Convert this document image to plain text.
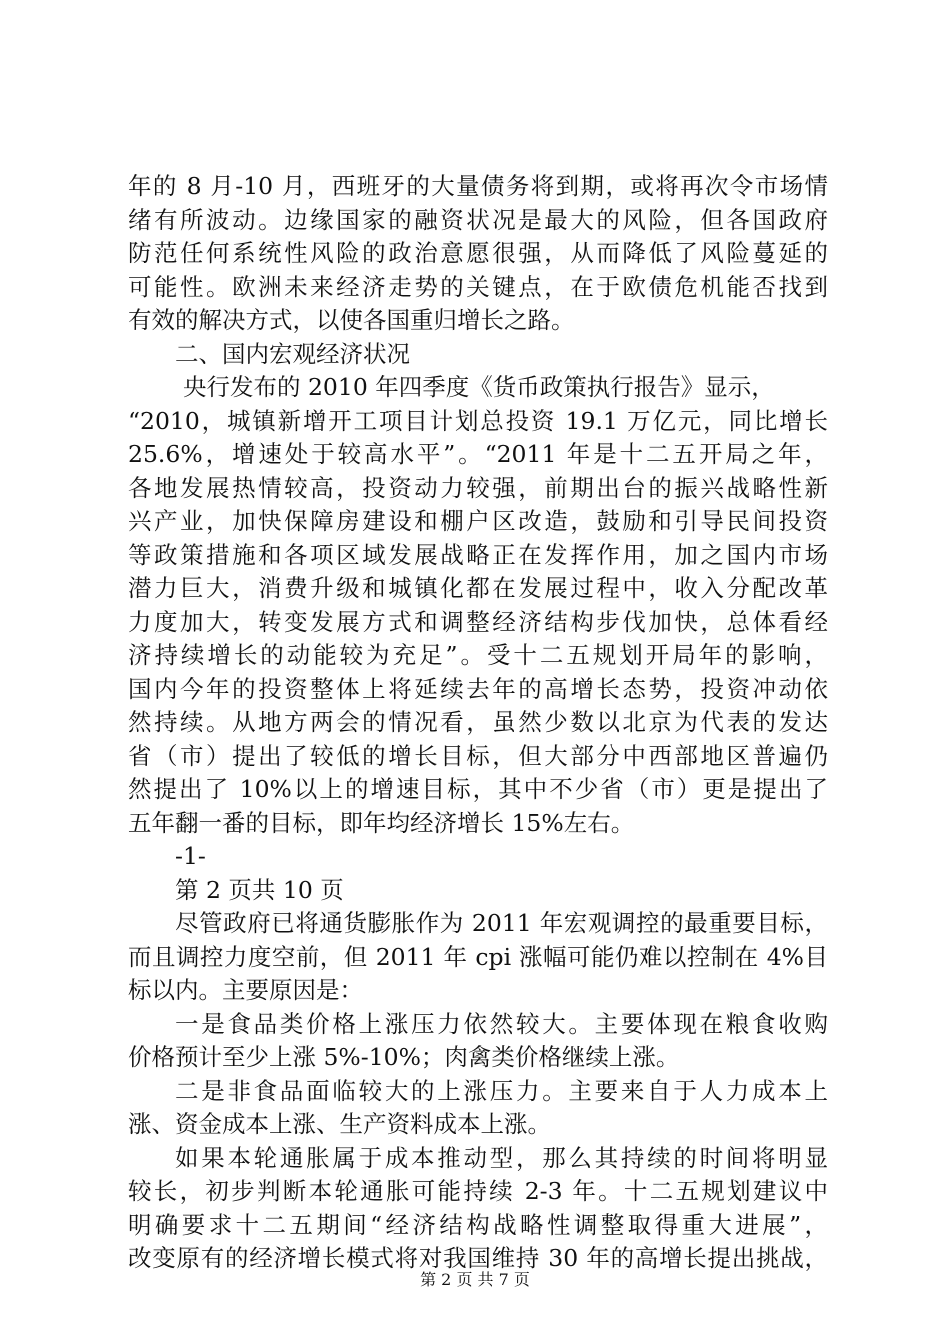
年的 8 月-10 月，西班牙的大量债务将到期，或将再次令市场情
绪有所波动。边缘国家的融资状况是最大的风险，但各国政府
防范任何系统性风险的政治意愿很强，从而降低了风险蔓延的
可能性。欧洲未来经济走势的关键点，在于欧债危机能否找到
有效的解决方式，以使各国重归增长之路。
二、国内宏观经济状况
央行发布的 2010 年四季度《货币政策执行报告》显示，
“2010，城镇新增开工项目计划总投资 19.1 万亿元，同比增长
25.6%，增速处于较高水平”。“2011 年是十二五开局之年，
各地发展热情较高，投资动力较强，前期出台的振兴战略性新
兴产业，加快保障房建设和棚户区改造，鼓励和引导民间投资
等政策措施和各项区域发展战略正在发挥作用，加之国内市场
潜力巨大，消费升级和城镇化都在发展过程中，收入分配改革
力度加大，转变发展方式和调整经济结构步伐加快，总体看经
济持续增长的动能较为充足”。受十二五规划开局年的影响，
国内今年的投资整体上将延续去年的高增长态势，投资冲动依
然持续。从地方两会的情况看，虽然少数以北京为代表的发达
省（市）提出了较低的增长目标，但大部分中西部地区普遍仍
然提出了 10%以上的增速目标，其中不少省（市）更是提出了
五年翻一番的目标，即年均经济增长 15%左右。
-1-
第 2 页共 10 页
尽管政府已将通货膨胀作为 2011 年宏观调控的最重要目标，
而且调控力度空前，但 2011 年 cpi 涨幅可能仍难以控制在 4%目
标以内。主要原因是：
一是食品类价格上涨压力依然较大。主要体现在粮食收购
价格预计至少上涨 5%-10%；肉禽类价格继续上涨。
二是非食品面临较大的上涨压力。主要来自于人力成本上
涨、资金成本上涨、生产资料成本上涨。
如果本轮通胀属于成本推动型，那么其持续的时间将明显
较长，初步判断本轮通胀可能持续 2-3 年。十二五规划建议中
明确要求十二五期间“经济结构战略性调整取得重大进展”，
改变原有的经济增长模式将对我国维持 30 年的高增长提出挑战，
第 2 页 共 7 页
